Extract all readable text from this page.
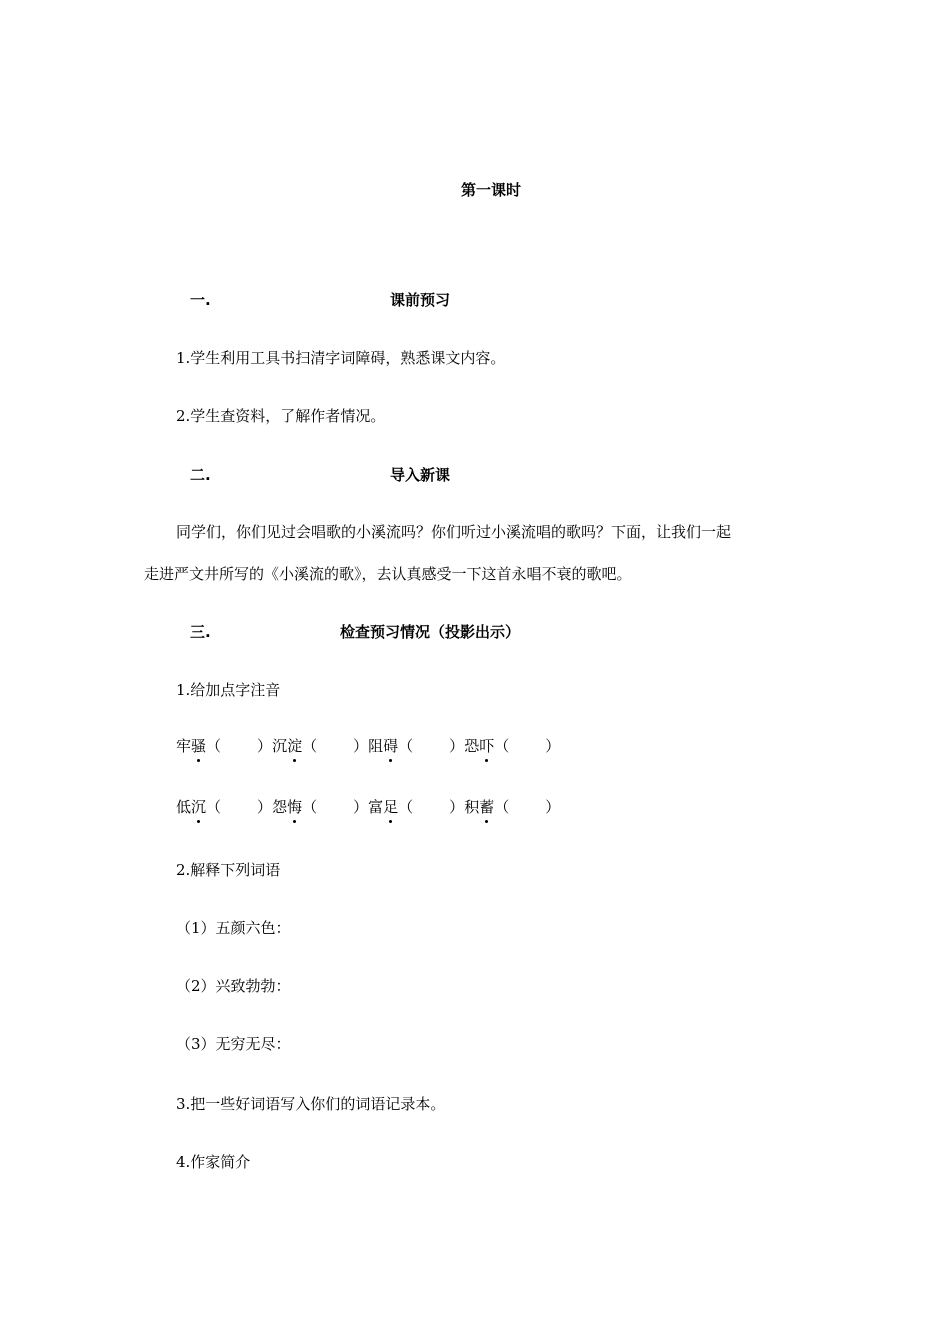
第一课时
一.	课前预习
1.学生利用工具书扫清字词障碍，熟悉课文内容。
2.学生查资料，了解作者情况。
二.	导入新课
同学们，你们见过会唱歌的小溪流吗？你们听过小溪流唱的歌吗？下面，让我们一起
走进严文井所写的《小溪流的歌》，去认真感受一下这首永唱不衰的歌吧。
三.	检查预习情况（投影出示）
1.给加点字注音
牢骚（ ）沉淀（ ）阻碍（ ）恐吓（ ）
低沉（ ）怨悔（ ）富足（ ）积蓄（ ）
2.解释下列词语
（1）五颜六色：
（2）兴致勃勃：
（3）无穷无尽：
3.把一些好词语写入你们的词语记录本。
4.作家简介
